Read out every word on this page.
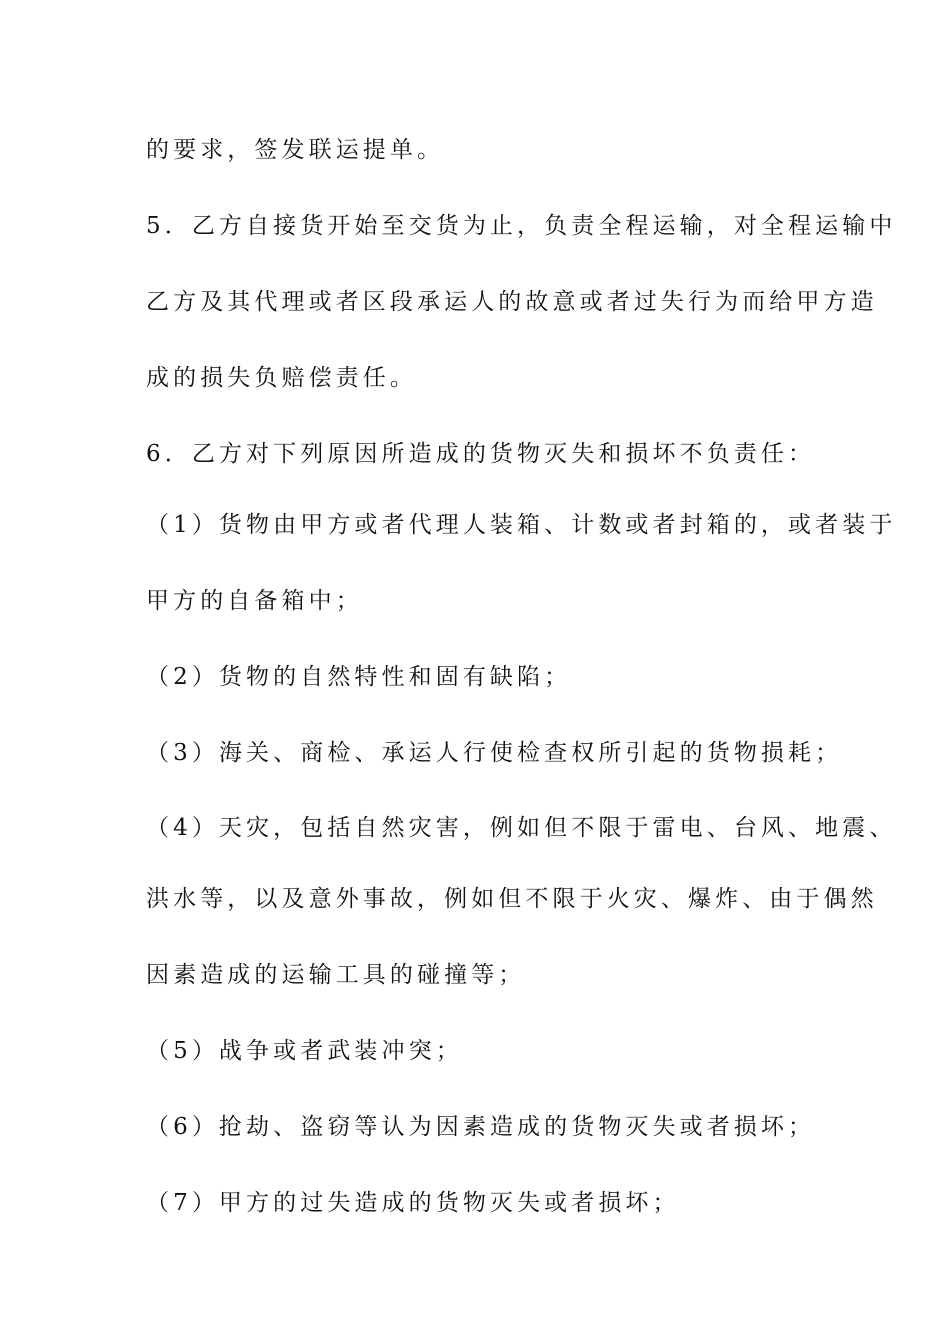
的要求，签发联运提单。
5．乙方自接货开始至交货为止，负责全程运输，对全程运输中
乙方及其代理或者区段承运人的故意或者过失行为而给甲方造
成的损失负赔偿责任。
6．乙方对下列原因所造成的货物灭失和损坏不负责任：
（1）货物由甲方或者代理人装箱、计数或者封箱的，或者装于
甲方的自备箱中；
（2）货物的自然特性和固有缺陷；
（3）海关、商检、承运人行使检查权所引起的货物损耗；
（4）天灾，包括自然灾害，例如但不限于雷电、台风、地震、
洪水等，以及意外事故，例如但不限于火灾、爆炸、由于偶然
因素造成的运输工具的碰撞等；
（5）战争或者武装冲突；
（6）抢劫、盗窃等认为因素造成的货物灭失或者损坏；
（7）甲方的过失造成的货物灭失或者损坏；
